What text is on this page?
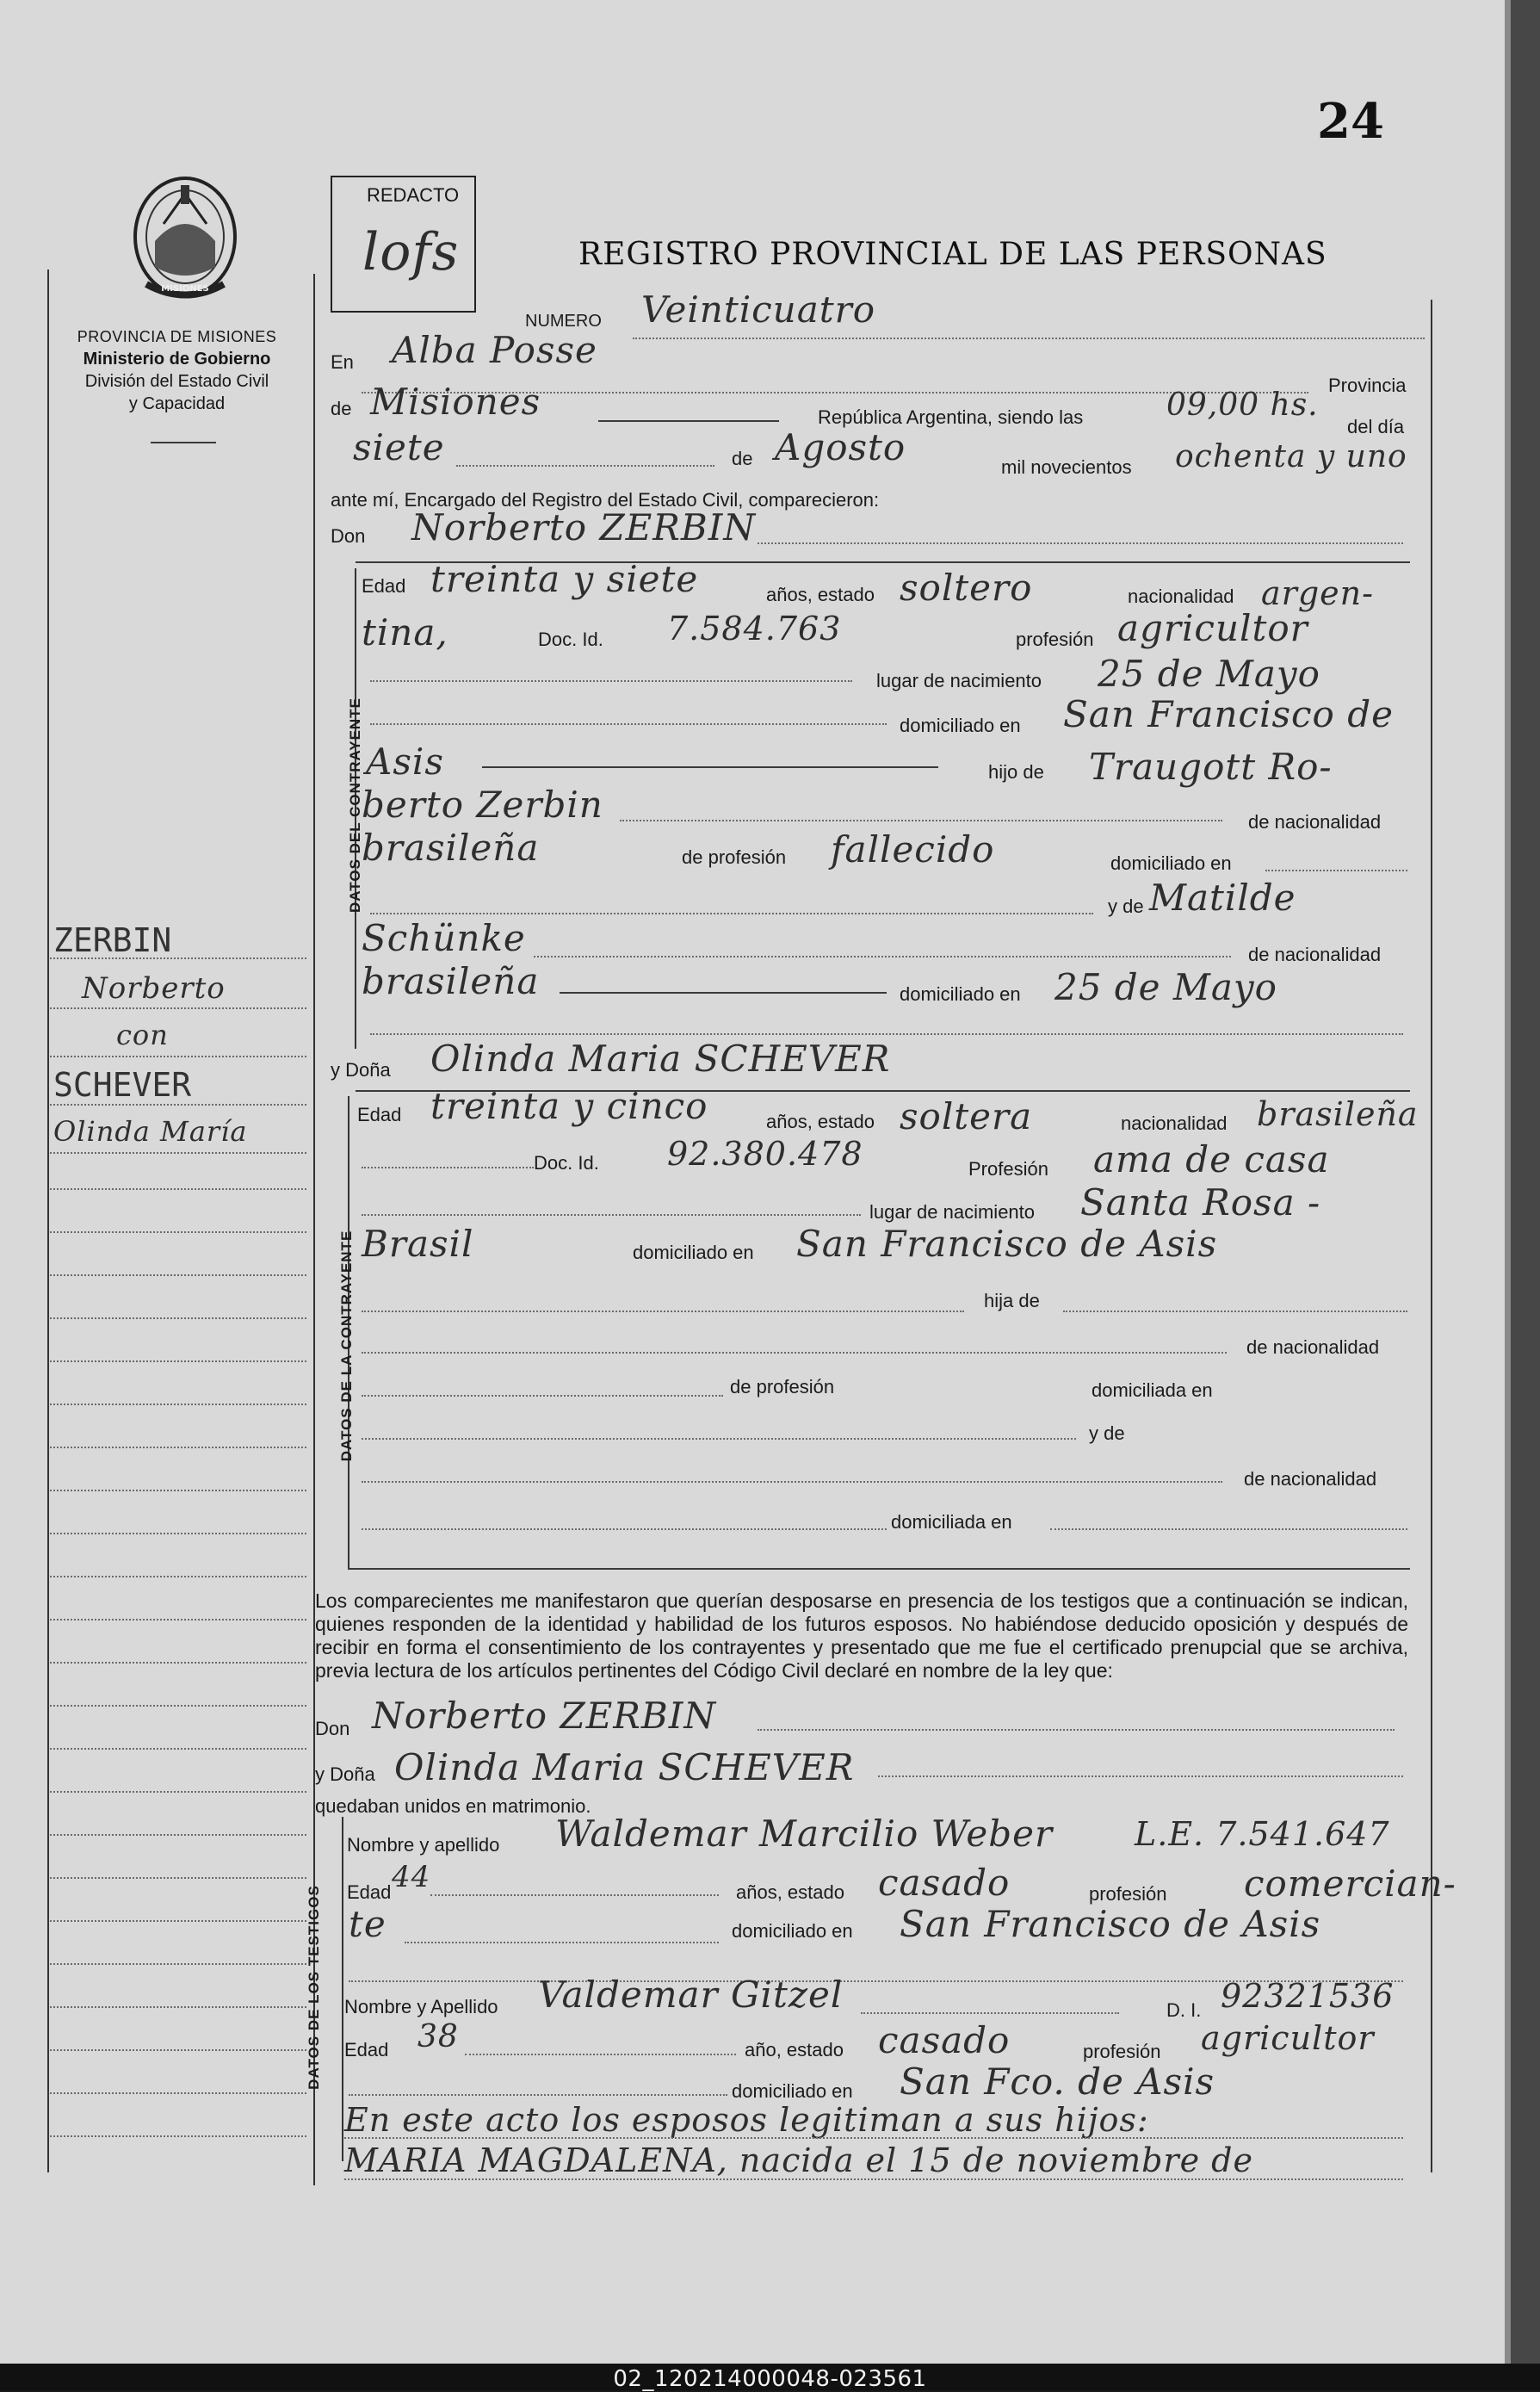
24
MISIONES
PROVINCIA DE MISIONES
Ministerio de Gobierno
División del Estado Civil
y Capacidad
ZERBIN
Norberto
con
SCHEVER
Olinda María
REDACTO
lofs	REGISTRO PROVINCIAL DE LAS PERSONAS
NUMERO Veinticuatro
En Alba Posse
Provincia
de Misiones	República Argentina, siendo las	09,00 hs.
del día
siete	de Agosto	mil novecientos ochenta y uno
ante mí, Encargado del Registro del Estado Civil, comparecieron:
Don Norberto ZERBIN
DATOS DEL CONTRAYENTE
Edad treinta y siete	años, estado soltero	nacionalidad argen-
tina,	Doc. Id. 7.584.763	profesión agricultor
lugar de nacimiento 25 de Mayo
domiciliado en San Francisco de
Asis	hijo de Traugott Ro-
berto Zerbin	de nacionalidad
brasileña	de profesión fallecido	domiciliado en
y de Matilde
Schünke	de nacionalidad
brasileña	domiciliado en 25 de Mayo
y Doña Olinda Maria SCHEVER
DATOS DE LA CONTRAYENTE
Edad treinta y cinco	años, estado soltera	nacionalidad brasileña
Doc. Id. 92.380.478	Profesión ama de casa
lugar de nacimiento Santa Rosa -
Brasil	domiciliado en San Francisco de Asis
hija de
de nacionalidad
de profesión	domiciliada en
y de
de nacionalidad
domiciliada en
Los comparecientes me manifestaron que querían desposarse en presencia de los testigos que a continuación se indican, quienes responden de la identidad y habilidad de los futuros esposos. No habiéndose deducido oposición y después de recibir en forma el consentimiento de los contrayentes y presentado que me fue el certificado prenupcial que se archiva, previa lectura de los artículos pertinentes del Código Civil declaré en nombre de la ley que:
Don Norberto ZERBIN
y Doña Olinda Maria SCHEVER
quedaban unidos en matrimonio.
DATOS DE LOS TESTIGOS
Nombre y apellido Waldemar Marcilio Weber L.E. 7.541.647
Edad 44	años, estado casado	profesión comercian-
te	domiciliado en San Francisco de Asis
Nombre y Apellido Valdemar Gitzel	D. I. 92321536
Edad 38	año, estado casado	profesión agricultor
domiciliado en San Fco. de Asis
En este acto los esposos legitiman a sus hijos:
MARIA MAGDALENA, nacida el 15 de noviembre de
02_120214000048-023561
